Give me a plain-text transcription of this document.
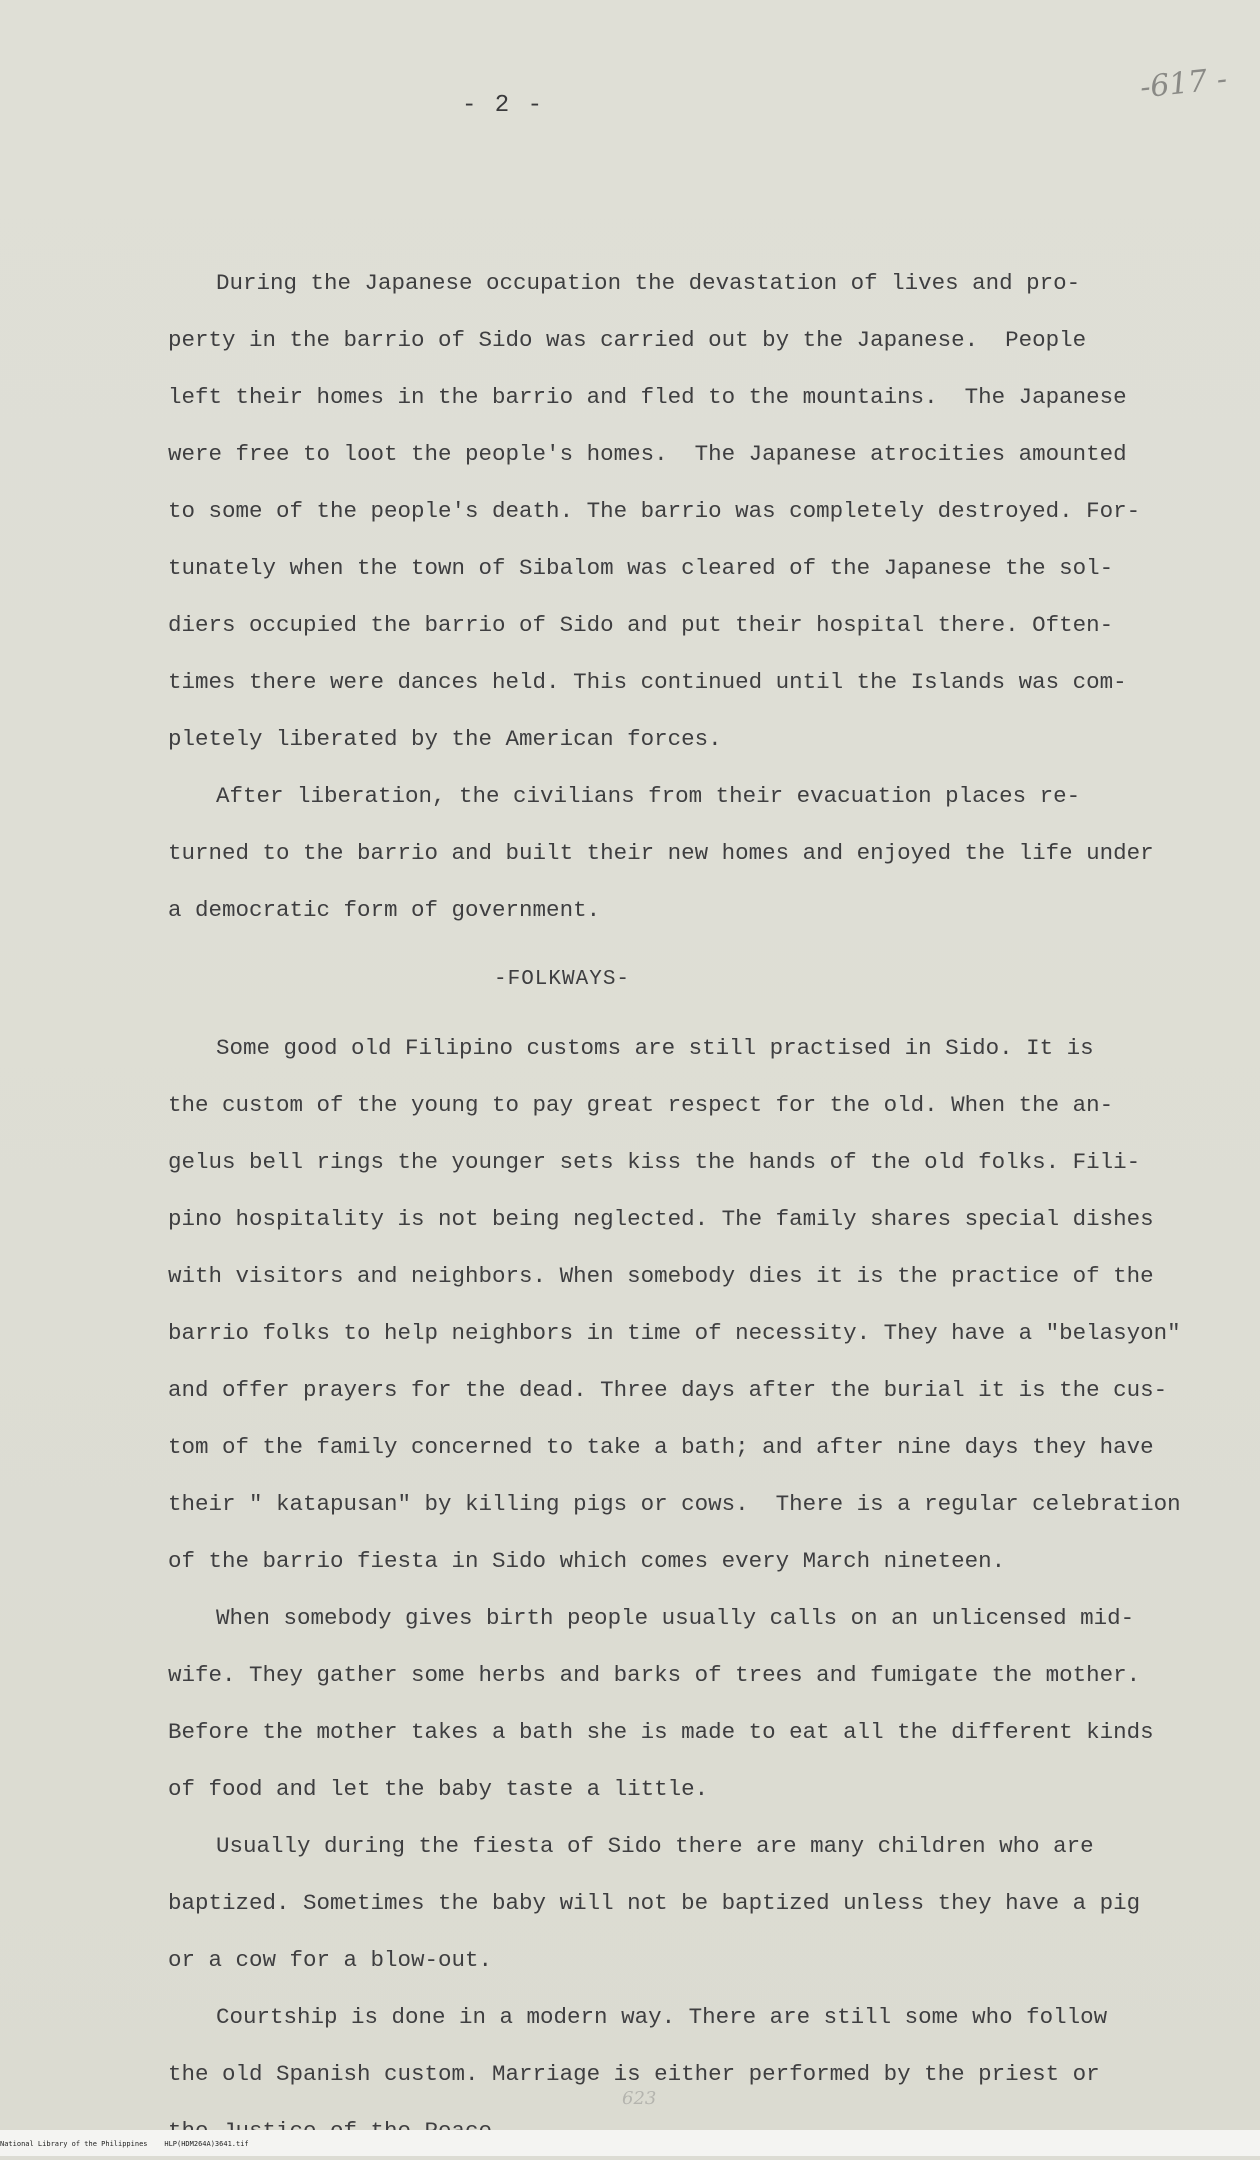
-617 -
- 2 -

During the Japanese occupation the devastation of lives and pro-
perty in the barrio of Sido was carried out by the Japanese.  People
left their homes in the barrio and fled to the mountains.  The Japanese
were free to loot the people's homes.  The Japanese atrocities amounted
to some of the people's death. The barrio was completely destroyed. For-
tunately when the town of Sibalom was cleared of the Japanese the sol-
diers occupied the barrio of Sido and put their hospital there. Often-
times there were dances held. This continued until the Islands was com-
pletely liberated by the American forces.

After liberation, the civilians from their evacuation places re-
turned to the barrio and built their new homes and enjoyed the life under
a democratic form of government.

-FOLKWAYS-

Some good old Filipino customs are still practised in Sido. It is
the custom of the young to pay great respect for the old. When the an-
gelus bell rings the younger sets kiss the hands of the old folks. Fili-
pino hospitality is not being neglected. The family shares special dishes
with visitors and neighbors. When somebody dies it is the practice of the
barrio folks to help neighbors in time of necessity. They have a "belasyon"
and offer prayers for the dead. Three days after the burial it is the cus-
tom of the family concerned to take a bath; and after nine days they have
their " katapusan" by killing pigs or cows.  There is a regular celebration
of the barrio fiesta in Sido which comes every March nineteen.

When somebody gives birth people usually calls on an unlicensed mid-
wife. They gather some herbs and barks of trees and fumigate the mother.
Before the mother takes a bath she is made to eat all the different kinds
of food and let the baby taste a little.

Usually during the fiesta of Sido there are many children who are
baptized. Sometimes the baby will not be baptized unless they have a pig
or a cow for a blow-out.

Courtship is done in a modern way. There are still some who follow
the old Spanish custom. Marriage is either performed by the priest or

623
National Library of the Philippines    HLP(HDM264A)3641.tif
